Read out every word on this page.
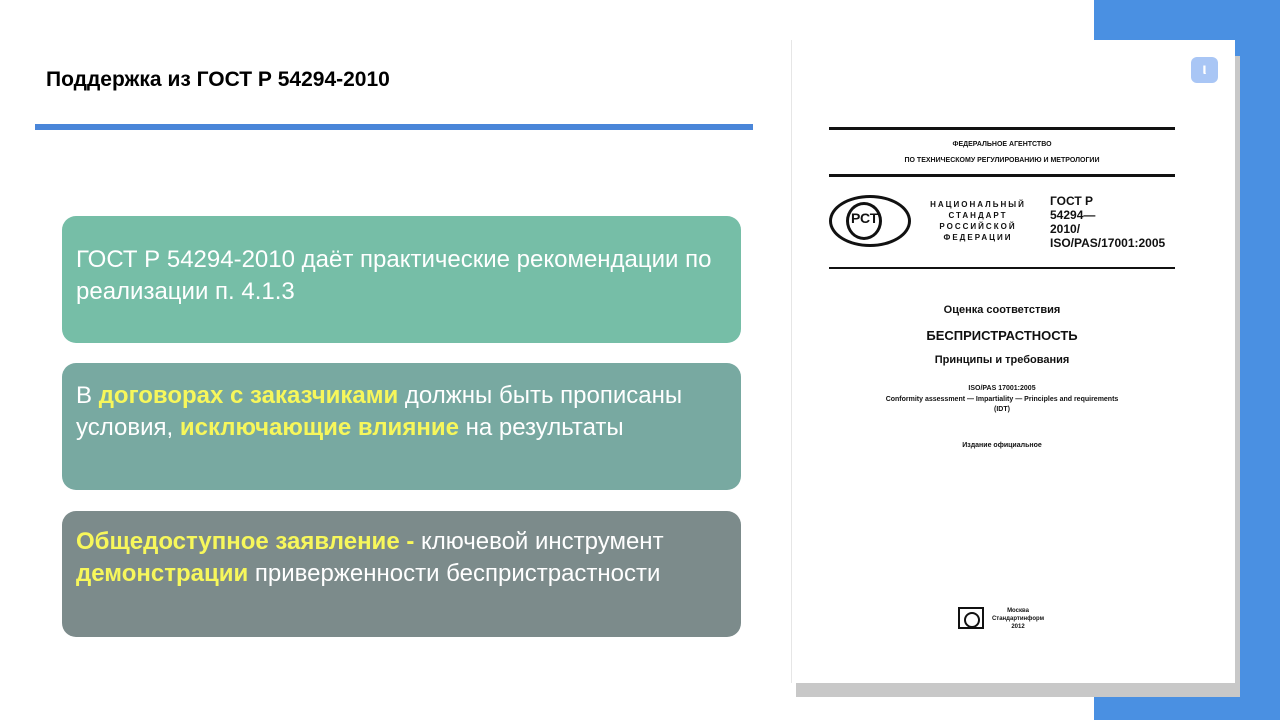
Поддержка из ГОСТ Р 54294-2010
ГОСТ Р 54294-2010 даёт практические рекомендации по реализации п. 4.1.3
В договорах с заказчиками должны быть прописаны условия, исключающие влияние на результаты
Общедоступное заявление - ключевой инструмент демонстрации приверженности беспристрастности
ι
ФЕДЕРАЛЬНОЕ АГЕНТСТВО
ПО ТЕХНИЧЕСКОМУ РЕГУЛИРОВАНИЮ И МЕТРОЛОГИИ
РСТ
НАЦИОНАЛЬНЫЙ
СТАНДАРТ
РОССИЙСКОЙ
ФЕДЕРАЦИИ
ГОСТ Р
54294—
2010/
ISO/PAS/17001:2005
Оценка соответствия
БЕСПРИСТРАСТНОСТЬ
Принципы и требования
ISO/PAS 17001:2005
Conformity assessment — Impartiality — Principles and requirements
(IDT)
Издание официальное
Москва
Стандартинформ
2012
